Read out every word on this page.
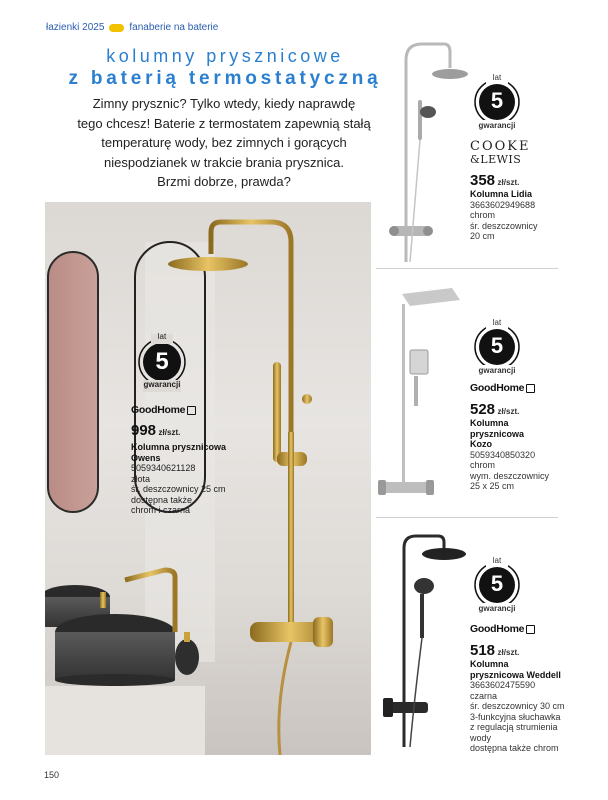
łazienki 2025	fanaberie na baterie
kolumny prysznicowe
z baterią termostatyczną
Zimny prysznic? Tylko wtedy, kiedy naprawdę
tego chcesz! Baterie z termostatem zapewnią stałą
temperaturę wody, bez zimnych i gorących
niespodzianek w trakcie brania prysznica.
Brzmi dobrze, prawda?
lat
5
gwarancji
GoodHome
998 zł/szt.
Kolumna prysznicowa
Owens
5059340621128
złota
śr. deszczownicy 25 cm
dostępna także
chrom i czarna
lat
5
gwarancji
COOKE
&LEWIS
358 zł/szt.
Kolumna Lidia
3663602949688
chrom
śr. deszczownicy
20 cm
lat
5
gwarancji
GoodHome
528 zł/szt.
Kolumna
prysznicowa
Kozo
5059340850320
chrom
wym. deszczownicy
25 x 25 cm
lat
5
gwarancji
GoodHome
518 zł/szt.
Kolumna
prysznicowa Weddell
3663602475590
czarna
śr. deszczownicy 30 cm
3-funkcyjna słuchawka
z regulacją strumienia
wody
dostępna także chrom
150
